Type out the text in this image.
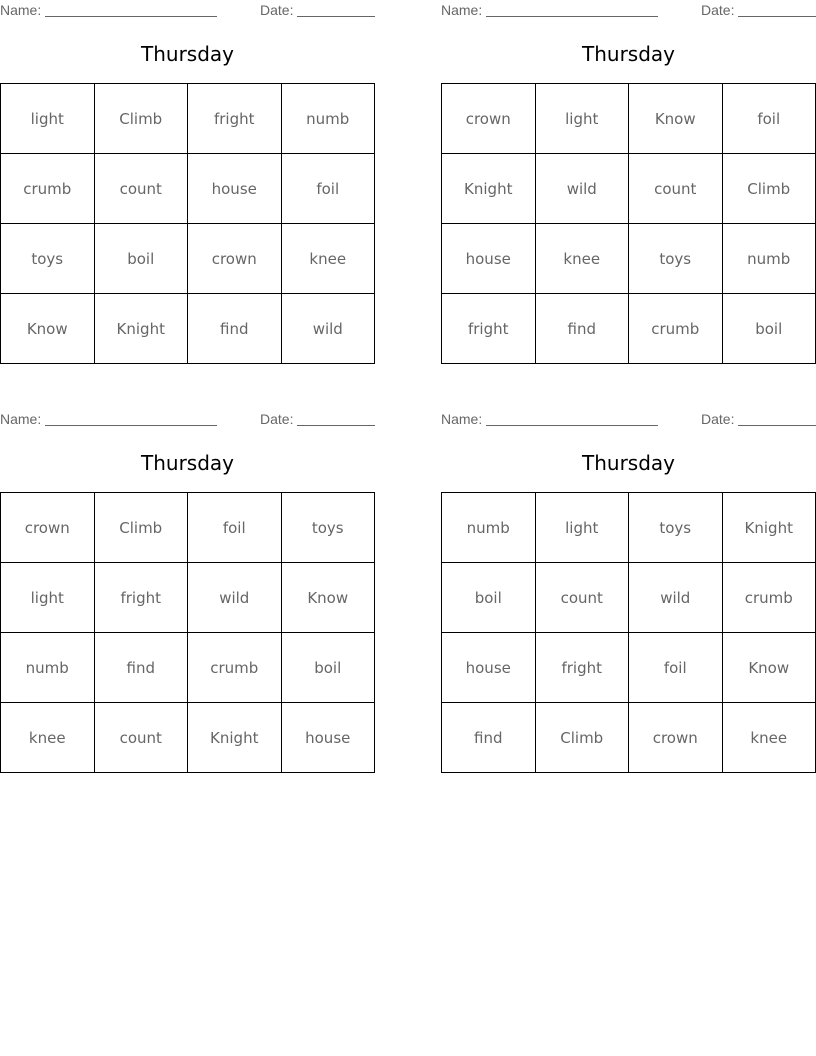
Name:	Date:
Thursday
light	Climb	fright	numb
crumb	count	house	foil
toys	boil	crown	knee
Know	Knight	find	wild
Name:	Date:
Thursday
crown	light	Know	foil
Knight	wild	count	Climb
house	knee	toys	numb
fright	find	crumb	boil
Name:	Date:
Thursday
crown	Climb	foil	toys
light	fright	wild	Know
numb	find	crumb	boil
knee	count	Knight	house
Name:	Date:
Thursday
numb	light	toys	Knight
boil	count	wild	crumb
house	fright	foil	Know
find	Climb	crown	knee
